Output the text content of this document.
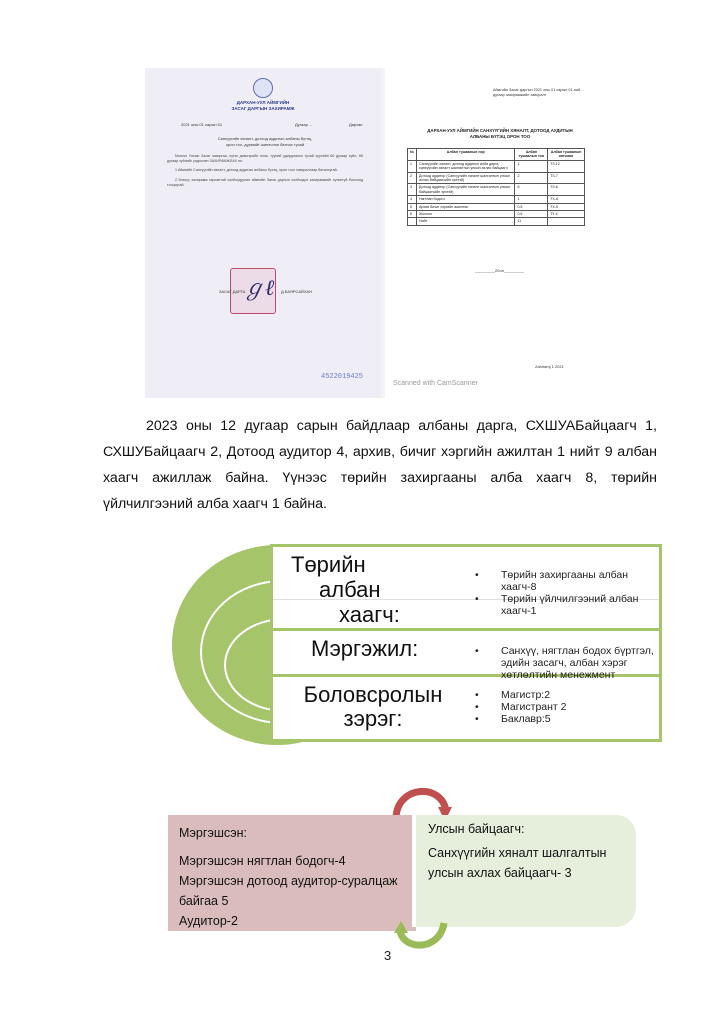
ДАРХАН-УУЛ АЙМГИЙН
ЗАСАГ ДАРГЫН ЗАХИРАМЖ
2021 оны 01 сарын 01	Дугаар ...	Дархан
Санхүүгийн хяналт, дотоод аудитын албаны бүтэц, орон тоо, дүрмийг шинэчлэн батлах тухай

Монгол Улсын Засаг захиргаа, нутаг дэвсгэрийн нэгж, түүний удирдлагын тухай хуулийн 60 дугаар зүйл, 66 дугаар зүйлийг үндэслэн ЗАХИРАМЖЛАХ нь:

1.Аймгийн Санхүүгийн хяналт, дотоод аудитын албаны бүтэц, орон тоог хавсралтаар баталсугай.

2.Энэхүү захирамж гарсантай холбогдуулан аймгийн Засаг даргын холбогдох захирамжийг хүчингүй болсонд тооцсугай.

ℊℓ
ЗАСАГ ДАРГА	Д.БАЯРСАЙХАН
4522019425
Аймгийн Засаг даргын 2021 оны 01 сарын 01-ний ... дугаар захирамжийн хавсралт
ДАРХАН-УУЛ АЙМГИЙН САНХҮҮГИЙН ХЯНАЛТ, ДОТООД АУДИТЫН АЛБАНЫ БҮТЭЦ ОРОН ТОО
№	Албан тушаалын нэр	Албан тушаалын тоо	Албан тушаалын ангилал
1	Санхүүгийн хяналт, дотоод аудитын алба дарга, санхүүгийн хяналт шалгалтын улсын ахлах байцаагч	1	ТЗ-12
2	Дотоод аудитор (Санхүүгийн хяналт шалгалтын улсын ахлах байцаагчийн эрхтэй)	2	ТЗ-7
3	Дотоод аудитор (Санхүүгийн хяналт шалгалтын улсын байцаагчийн эрхтэй)	6	ТЗ-6
4	Нягтлан бодогч	1	ТХ-8
5	Архив бичиг хэргийн ажилтан	0.5	ТХ-5
6	Жолооч	0.5	ТҮ-4
	Нийт	11	
_________20он_________
Zahiramj 1 2021
Scanned with CamScanner
2023 оны 12 дугаар сарын байдлаар албаны дарга, СХШУАБайцаагч 1, СХШУБайцаагч 2, Дотоод аудитор 4, архив, бичиг хэргийн ажилтан 1 нийт 9 албан хаагч ажиллаж байна. Үүнээс төрийн захиргааны алба хаагч 8, төрийн үйлчилгээний алба хаагч 1 байна.
Төрийн
албан
хаагч:
• Төрийн захиргааны албан хаагч-8
• Төрийн үйлчилгээний албан хаагч-1
Мэргэжил:	• Санхүү, нягтлан бодох бүртгэл, эдийн засагч, албан хэрэг хөтлөлтийн менежмент
Боловсролын
зэрэг:
• Магистр:2
• Магистрант 2
• Баклавр:5
Мэргэшсэн:
Мэргэшсэн нягтлан бодогч-4
Мэргэшсэн дотоод аудитор-суралцаж
байгаа 5
Аудитор-2
Улсын байцаагч:
Санхүүгийн хяналт шалгалтын
улсын ахлах байцаагч- 3
3
